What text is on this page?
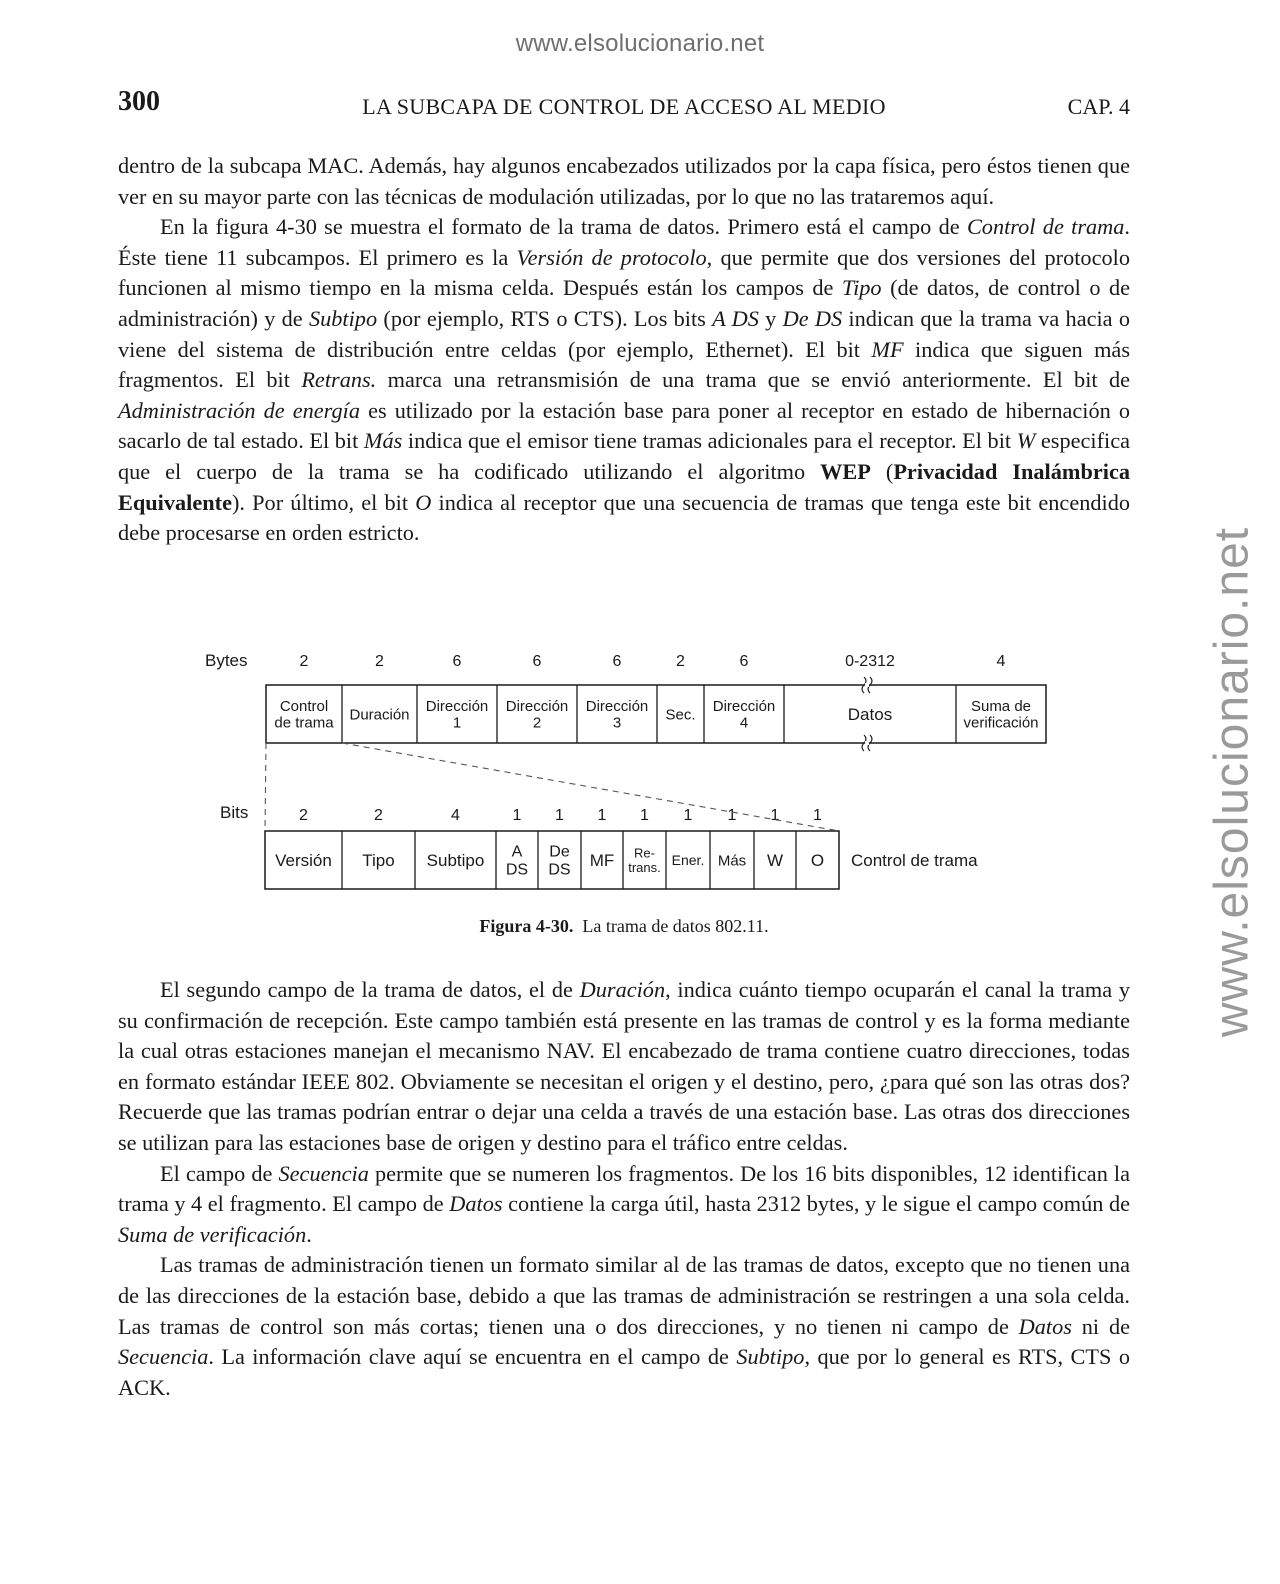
www.elsolucionario.net
www.elsolucionario.net
300	LA SUBCAPA DE CONTROL DE ACCESO AL MEDIO	CAP. 4

dentro de la subcapa MAC. Además, hay algunos encabezados utilizados por la capa física, pero éstos tienen que ver en su mayor parte con las técnicas de modulación utilizadas, por lo que no las trataremos aquí.

En la figura 4-30 se muestra el formato de la trama de datos. Primero está el campo de Control de trama. Éste tiene 11 subcampos. El primero es la Versión de protocolo, que permite que dos versiones del protocolo funcionen al mismo tiempo en la misma celda. Después están los campos de Tipo (de datos, de control o de administración) y de Subtipo (por ejemplo, RTS o CTS). Los bits A DS y De DS indican que la trama va hacia o viene del sistema de distribución entre celdas (por ejemplo, Ethernet). El bit MF indica que siguen más fragmentos. El bit Retrans. marca una retransmisión de una trama que se envió anteriormente. El bit de Administración de energía es utilizado por la estación base para poner al receptor en estado de hibernación o sacarlo de tal estado. El bit Más indica que el emisor tiene tramas adicionales para el receptor. El bit W especifica que el cuerpo de la trama se ha codificado utilizando el algoritmo WEP (Privacidad Inalámbrica Equivalente). Por último, el bit O indica al receptor que una secuencia de tramas que tenga este bit encendido debe procesarse en orden estricto.

Bytes
Control
de trama
2
Duración
2
Dirección
1
6
Dirección
2
6
Dirección
3
6
Sec.
2
Dirección
4
6
Datos
0-2312
Suma de
verificación
4
Bits
Versión
2
Tipo
2
Subtipo
4
A
DS
1
De
DS
1
MF
1
Re-
trans.
1
Ener.
1
Más
1
W
1
O
1
Control de trama
Figura 4-30. La trama de datos 802.11.

El segundo campo de la trama de datos, el de Duración, indica cuánto tiempo ocuparán el canal la trama y su confirmación de recepción. Este campo también está presente en las tramas de control y es la forma mediante la cual otras estaciones manejan el mecanismo NAV. El encabezado de trama contiene cuatro direcciones, todas en formato estándar IEEE 802. Obviamente se necesitan el origen y el destino, pero, ¿para qué son las otras dos? Recuerde que las tramas podrían entrar o dejar una celda a través de una estación base. Las otras dos direcciones se utilizan para las estaciones base de origen y destino para el tráfico entre celdas.

El campo de Secuencia permite que se numeren los fragmentos. De los 16 bits disponibles, 12 identifican la trama y 4 el fragmento. El campo de Datos contiene la carga útil, hasta 2312 bytes, y le sigue el campo común de Suma de verificación.

Las tramas de administración tienen un formato similar al de las tramas de datos, excepto que no tienen una de las direcciones de la estación base, debido a que las tramas de administración se restringen a una sola celda. Las tramas de control son más cortas; tienen una o dos direcciones, y no tienen ni campo de Datos ni de Secuencia. La información clave aquí se encuentra en el campo de Subtipo, que por lo general es RTS, CTS o ACK.
